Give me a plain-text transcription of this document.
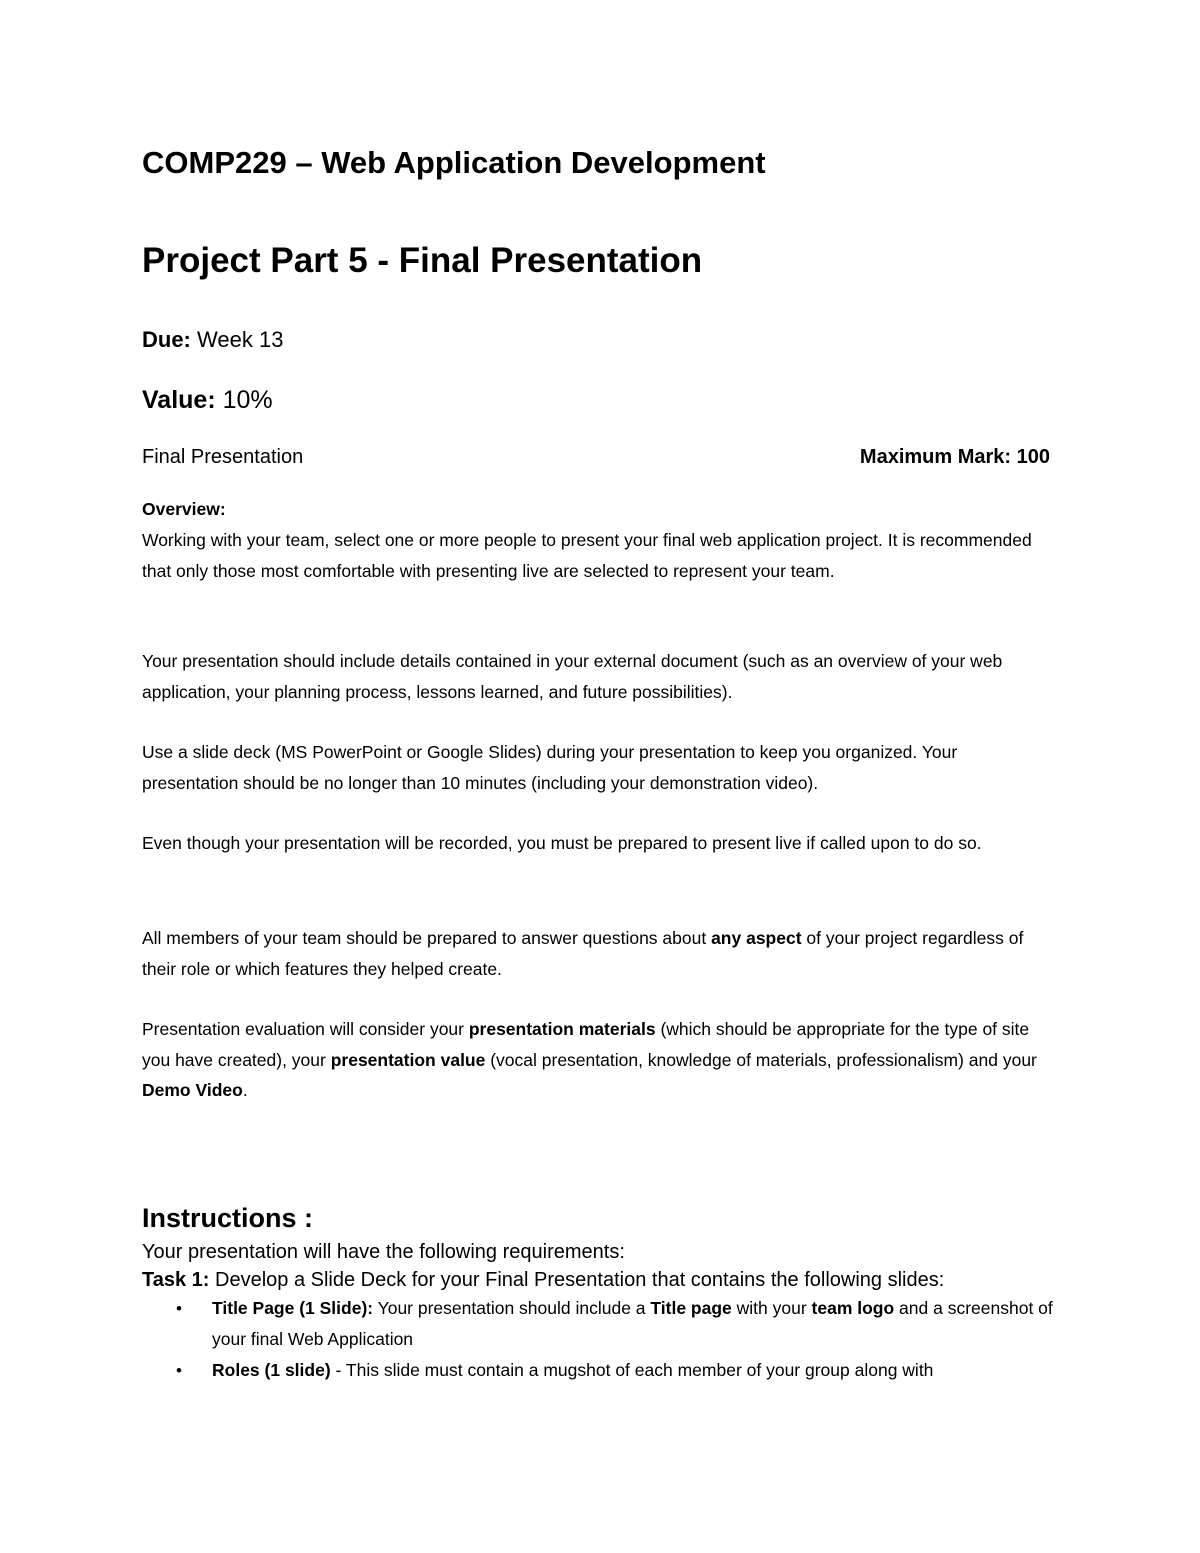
COMP229 – Web Application Development
Project Part 5 - Final Presentation
Due: Week 13
Value: 10%
Final Presentation	Maximum Mark: 100
Overview:

Working with your team, select one or more people to present your final web application project. It is recommended that only those most comfortable with presenting live are selected to represent your team.

Your presentation should include details contained in your external document (such as an overview of your web application, your planning process, lessons learned, and future possibilities).

Use a slide deck (MS PowerPoint or Google Slides) during your presentation to keep you organized. Your presentation should be no longer than 10 minutes (including your demonstration video).

Even though your presentation will be recorded, you must be prepared to present live if called upon to do so.

All members of your team should be prepared to answer questions about any aspect of your project regardless of their role or which features they helped create.

Presentation evaluation will consider your presentation materials (which should be appropriate for the type of site you have created), your presentation value (vocal presentation, knowledge of materials, professionalism) and your Demo Video.

Instructions :
Your presentation will have the following requirements:
Task 1: Develop a Slide Deck for your Final Presentation that contains the following slides:
• Title Page (1 Slide): Your presentation should include a Title page with your team logo and a screenshot of your final Web Application
• Roles (1 slide) - This slide must contain a mugshot of each member of your group along with
